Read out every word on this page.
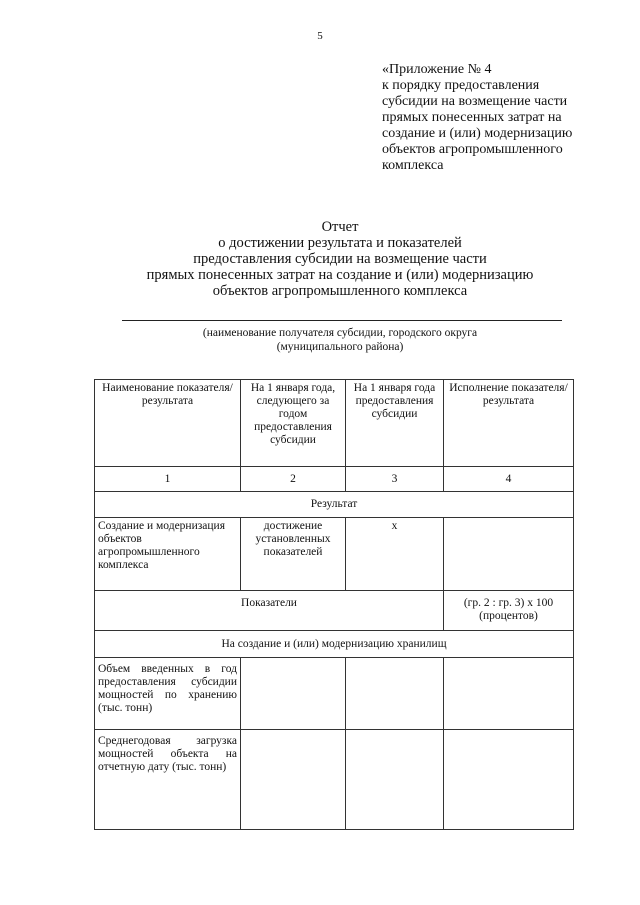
5
«Приложение № 4
к порядку предоставления
субсидии на возмещение части
прямых понесенных затрат на
создание и (или) модернизацию
объектов агропромышленного
комплекса
Отчет
о достижении результата и показателей
предоставления субсидии на возмещение части
прямых понесенных затрат на создание и (или) модернизацию
объектов агропромышленного комплекса
(наименование получателя субсидии, городского округа
(муниципального района)
Наименование показателя/результата	На 1 января года, следующего за годом предоставления субсидии	На 1 января года предоставления субсидии	Исполнение показателя/результата
1	2	3	4
Результат			
Создание и модернизация объектов агропромышленного комплекса	достижение установленных показателей	х	
Показатели			(гр. 2 : гр. 3) х 100
(процентов)

На создание и (или) модернизацию хранилищ			
Объем введенных в год предоставления субсидии мощностей по хранению (тыс. тонн)			
Среднегодовая загрузка мощностей объекта на отчетную дату (тыс. тонн)			
